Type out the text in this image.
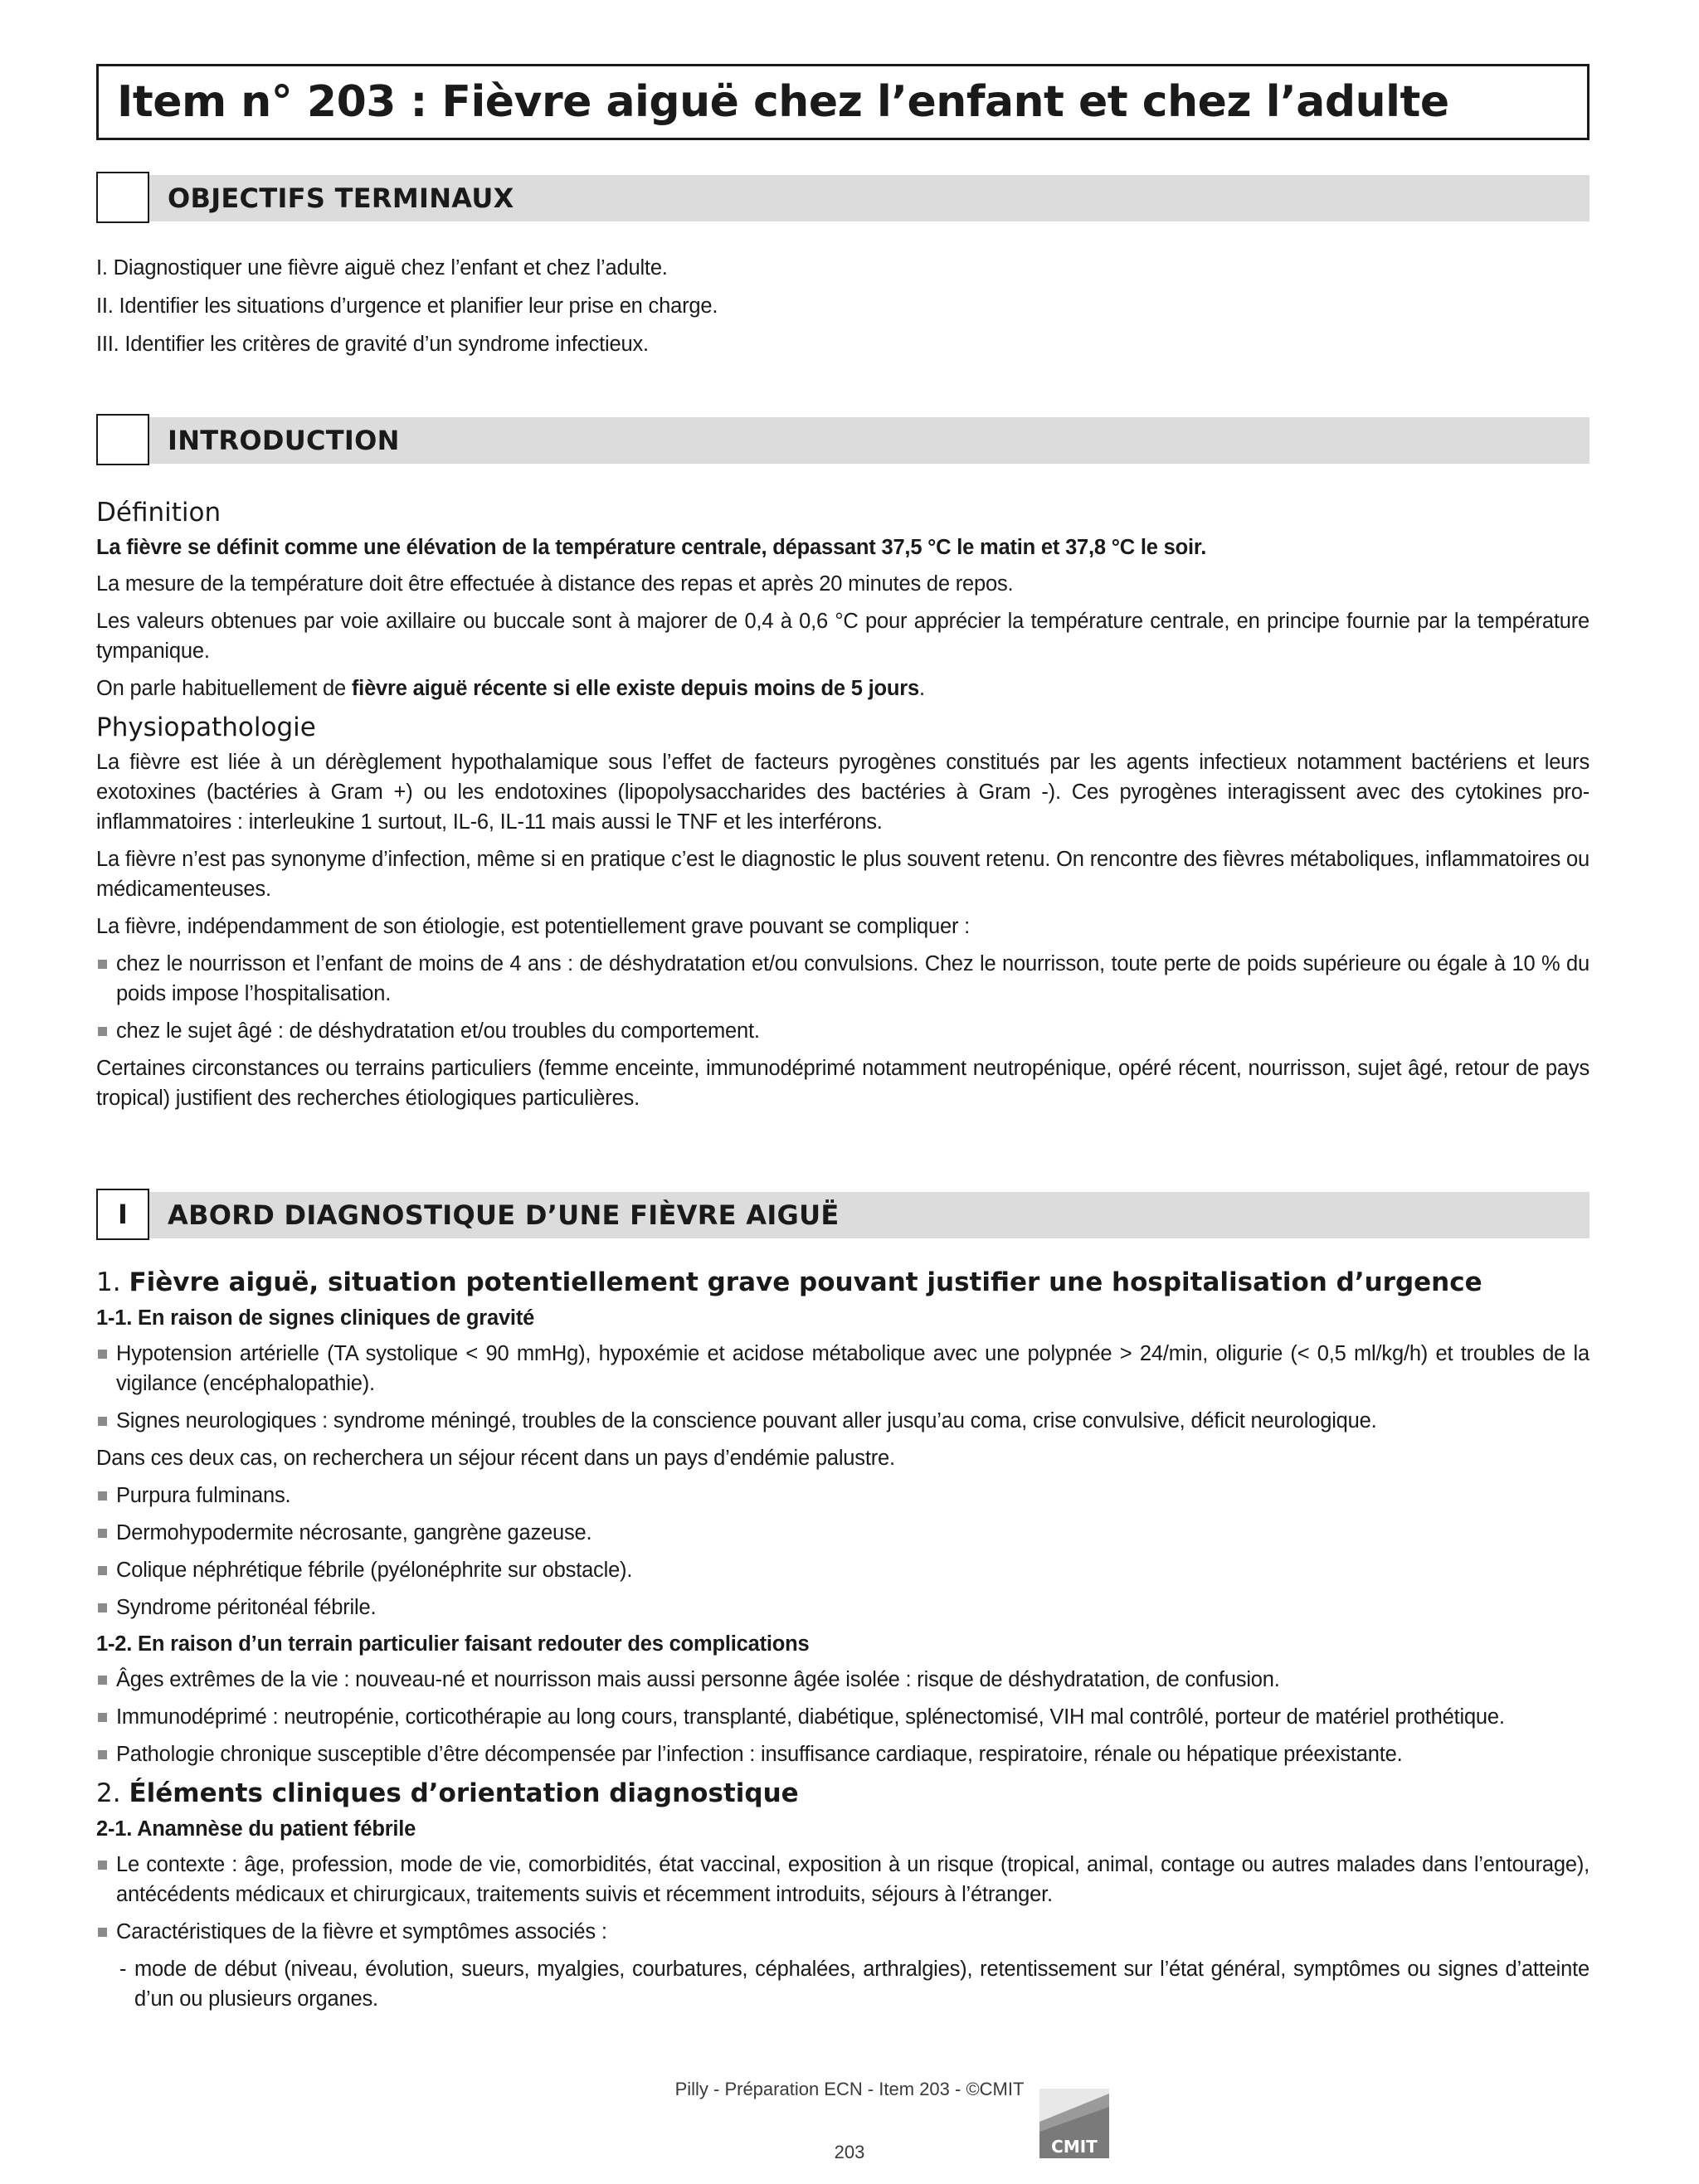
Item n° 203 : Fièvre aiguë chez l’enfant et chez l’adulte
OBJECTIFS TERMINAUX

I. Diagnostiquer une fièvre aiguë chez l’enfant et chez l’adulte.

II. Identifier les situations d’urgence et planifier leur prise en charge.

III. Identifier les critères de gravité d’un syndrome infectieux.

INTRODUCTION
Définition

La fièvre se définit comme une élévation de la température centrale, dépassant 37,5 °C le matin et 37,8 °C le soir.

La mesure de la température doit être effectuée à distance des repas et après 20 minutes de repos.

Les valeurs obtenues par voie axillaire ou buccale sont à majorer de 0,4 à 0,6 °C pour apprécier la température centrale, en principe fournie par la température tympanique.

On parle habituellement de fièvre aiguë récente si elle existe depuis moins de 5 jours.

Physiopathologie

La fièvre est liée à un dérèglement hypothalamique sous l’effet de facteurs pyrogènes constitués par les agents infectieux notamment bactériens et leurs exotoxines (bactéries à Gram +) ou les endotoxines (lipopolysaccharides des bactéries à Gram -). Ces pyrogènes interagissent avec des cytokines pro-inflammatoires : interleukine 1 surtout, IL-6, IL-11 mais aussi le TNF et les interférons.

La fièvre n’est pas synonyme d’infection, même si en pratique c’est le diagnostic le plus souvent retenu. On rencontre des fièvres métaboliques, inflammatoires ou médicamenteuses.

La fièvre, indépendamment de son étiologie, est potentiellement grave pouvant se compliquer :

chez le nourrisson et l’enfant de moins de 4 ans : de déshydratation et/ou convulsions. Chez le nourrisson, toute perte de poids supérieure ou égale à 10 % du poids impose l’hospitalisation.
chez le sujet âgé : de déshydratation et/ou troubles du comportement.

Certaines circonstances ou terrains particuliers (femme enceinte, immunodéprimé notamment neutropénique, opéré récent, nourrisson, sujet âgé, retour de pays tropical) justifient des recherches étiologiques particulières.

I	ABORD DIAGNOSTIQUE D’UNE FIÈVRE AIGUË
1. Fièvre aiguë, situation potentiellement grave pouvant justifier une hospitalisation d’urgence
1-1. En raison de signes cliniques de gravité
Hypotension artérielle (TA systolique < 90 mmHg), hypoxémie et acidose métabolique avec une polypnée > 24/min, oligurie (< 0,5 ml/kg/h) et troubles de la vigilance (encéphalopathie).
Signes neurologiques : syndrome méningé, troubles de la conscience pouvant aller jusqu’au coma, crise convulsive, déficit neurologique.

Dans ces deux cas, on recherchera un séjour récent dans un pays d’endémie palustre.

Purpura fulminans.
Dermohypodermite nécrosante, gangrène gazeuse.
Colique néphrétique fébrile (pyélonéphrite sur obstacle).
Syndrome péritonéal fébrile.
1-2. En raison d’un terrain particulier faisant redouter des complications
Âges extrêmes de la vie : nouveau-né et nourrisson mais aussi personne âgée isolée : risque de déshydratation, de confusion.
Immunodéprimé : neutropénie, corticothérapie au long cours, transplanté, diabétique, splénectomisé, VIH mal contrôlé, porteur de matériel prothétique.
Pathologie chronique susceptible d’être décompensée par l’infection : insuffisance cardiaque, respiratoire, rénale ou hépatique préexistante.
2. Éléments cliniques d’orientation diagnostique
2-1. Anamnèse du patient fébrile
Le contexte : âge, profession, mode de vie, comorbidités, état vaccinal, exposition à un risque (tropical, animal, contage ou autres malades dans l’entourage), antécédents médicaux et chirurgicaux, traitements suivis et récemment introduits, séjours à l’étranger.
Caractéristiques de la fièvre et symptômes associés :
- mode de début (niveau, évolution, sueurs, myalgies, courbatures, céphalées, arthralgies), retentissement sur l’état général, symptômes ou signes d’atteinte d’un ou plusieurs organes.
Pilly - Préparation ECN - Item 203 - ©CMIT
203	CMIT
